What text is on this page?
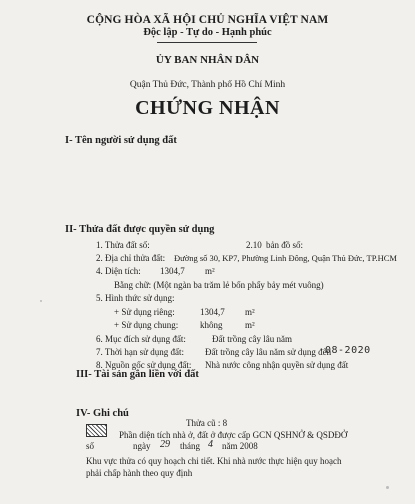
CỘNG HÒA XÃ HỘI CHỦ NGHĨA VIỆT NAM
Độc lập - Tự do - Hạnh phúc
ỦY BAN NHÂN DÂN
Quận Thủ Đức, Thành phố Hồ Chí Minh
CHỨNG NHẬN
I- Tên người sử dụng đất
II- Thửa đất được quyền sử dụng
1. Thửa đất số:	2.10 bản đồ số:
2. Địa chỉ thửa đất: Đường số 30, KP7, Phường Linh Đông, Quận Thủ Đức, TP.HCM
4. Diện tích: 1304,7 m²
Bằng chữ: (Một ngàn ba trăm lẻ bốn phẩy bảy mét vuông)
5. Hình thức sử dụng:
+ Sử dụng riêng:	1304,7 m²
+ Sử dụng chung: không	m²
6. Mục đích sử dụng đất:	Đất trồng cây lâu năm
7. Thời hạn sử dụng đất: Đất trồng cây lâu năm sử dụng đến
08-2020
8. Nguồn gốc sử dụng đất: Nhà nước công nhận quyền sử dụng đất
III- Tài sản gắn liền với đất
IV- Ghi chú
Thửa cũ : 8
Phần diện tích nhà ở, đất ở được cấp GCN QSHNỞ & QSDĐỞ
số	ngày 29 tháng 4 năm 2008
Khu vực thửa có quy hoạch chi tiết. Khi nhà nước thực hiện quy hoạch
phải chấp hành theo quy định
